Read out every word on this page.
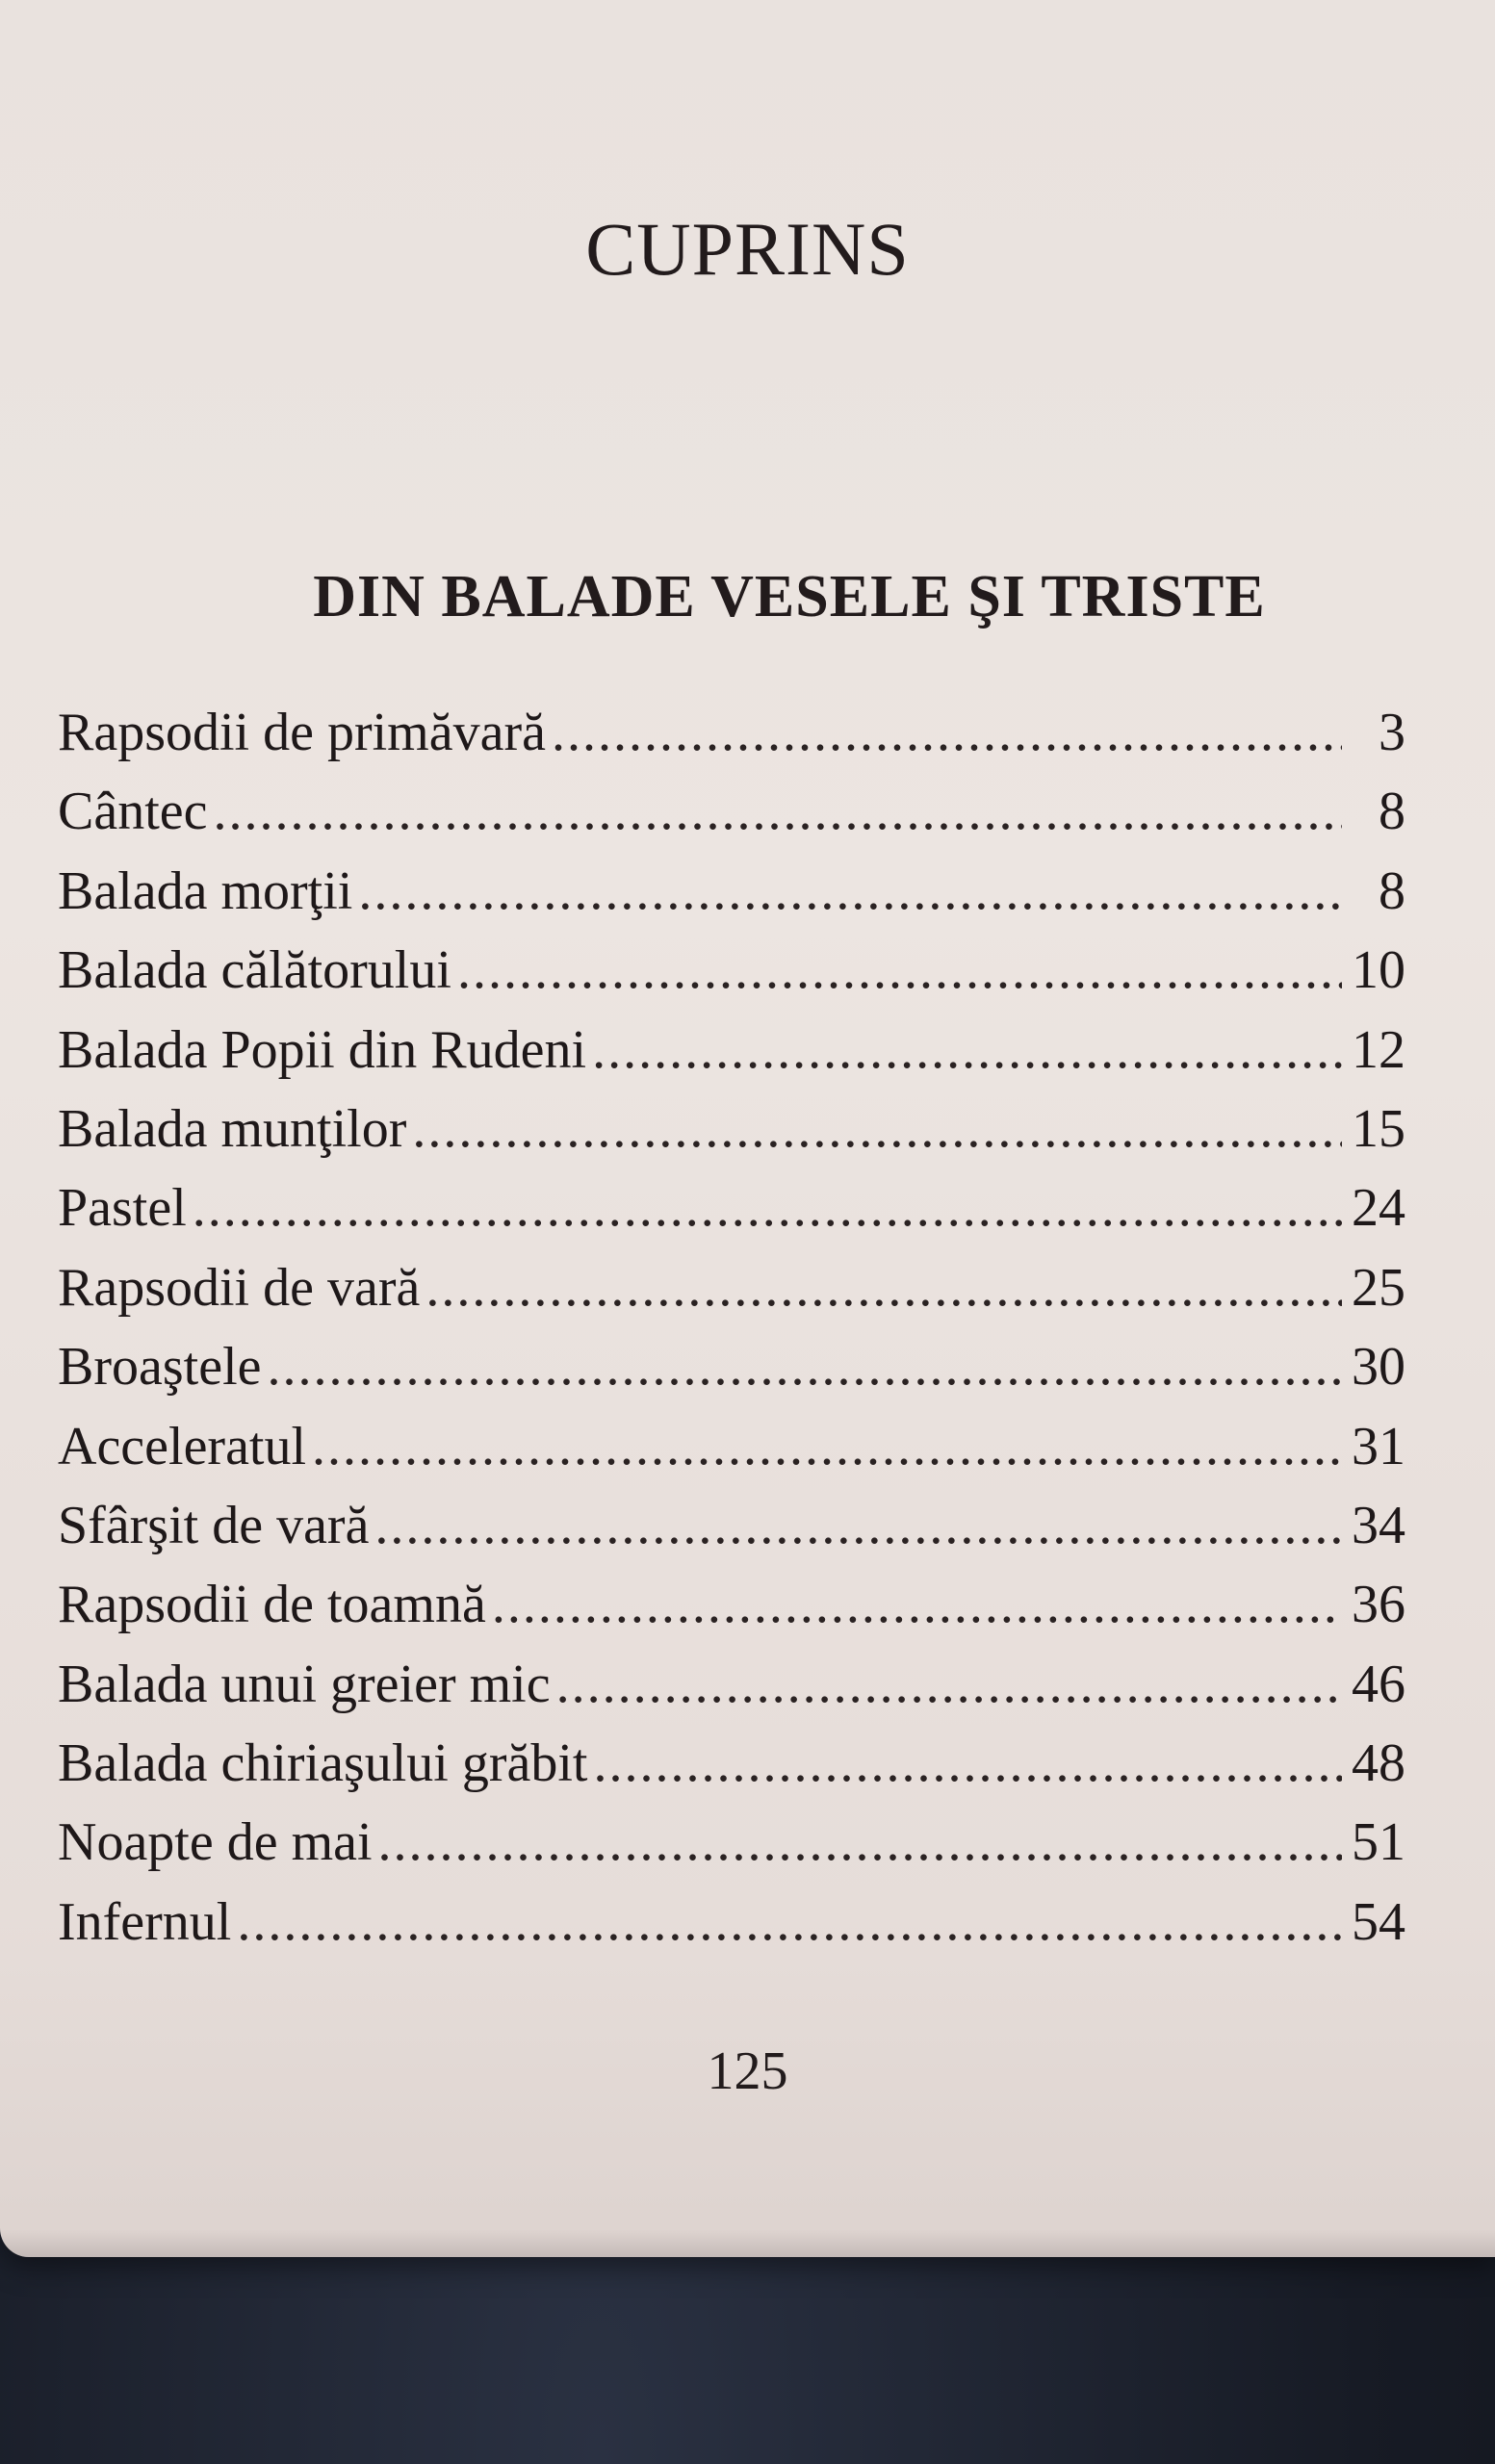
CUPRINS
DIN BALADE VESELE ŞI TRISTE
Rapsodii de primăvară .....	3
Cântec .....	8
Balada morţii .....	8
Balada călătorului .....	10
Balada Popii din Rudeni .....	12
Balada munţilor .....	15
Pastel .....	24
Rapsodii de vară .....	25
Broaştele .....	30
Acceleratul .....	31
Sfârşit de vară .....	34
Rapsodii de toamnă .....	36
Balada unui greier mic .....	46
Balada chiriaşului grăbit .....	48
Noapte de mai .....	51
Infernul .....	54

125
